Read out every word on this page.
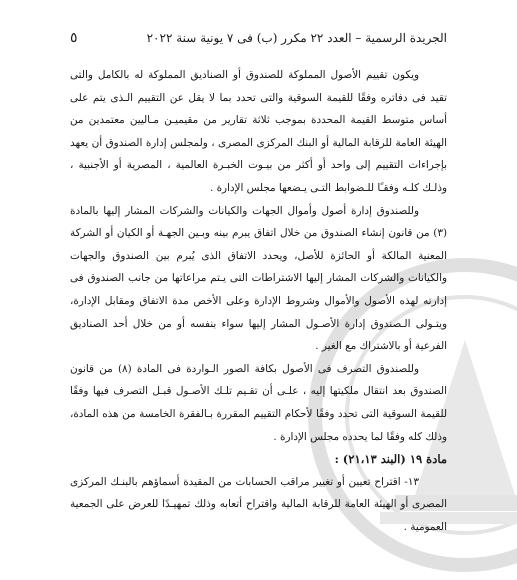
الجريدة الرسمية – العدد ٢٢ مكرر (ب) فى ٧ يونية سنة ٢٠٢٢
٥

ويكون تقييم الأصول المملوكة للصندوق أو الصناديق المملوكة له بالكامل والتى تقيد فى دفاتره وفقًا للقيمة السوقية والتى تحدد بما لا يقل عن التقييم الـذى يتم على أساس متوسط القيمة المحددة بموجب ثلاثة تقارير من مقيميـن مـاليين معتمدين من الهيئة العامة للرقابة المالية أو البنك المركزى المصرى ، ولمجلس إدارة الصندوق أن يعهد بإجراءات التقييم إلى واحد أو أكثر من بيـوت الخبـرة العالمية ، المصرية أو الأجنبية ، وذلـك كلـه وفقـًا للـضوابط التـى يـضعها مجلس الإدارة .

وللصندوق إدارة أصول وأموال الجهات والكيانات والشركات المشار إليها بالمادة (٣) من قانون إنشاء الصندوق من خلال اتفاق يبرم بينه وبـين الجهـة أو الكيان أو الشركة المعنية المالكة أو الحائزة للأصل، ويحدد الاتفاق الذى يُبرم بين الصندوق والجهات والكيانات والشركات المشار إليها الاشتراطات التى يـتم مراعاتها من جانب الصندوق فى إدارته لهذه الأصول والأموال وشروط الإدارة وعلى الأخص مدة الاتفاق ومقابل الإدارة، ويتـولى الـصندوق إدارة الأصـول المشار إليها سواء بنفسه أو من خلال أحد الصناديق الفرعية أو بالاشتراك مع الغير .

وللصندوق التصرف فى الأصول بكافة الصور الـواردة فى المادة (٨) من قانون الصندوق بعد انتقال ملكيتها إليه ، علـى أن تقـيم تلـك الأصـول قبـل التصرف فيها وفقًا للقيمة السوقية التى تحدد وفقًا لأحكام التقييم المقررة بـالفقرة الخامسة من هذه المادة، وذلك كله وفقًا لما يحدده مجلس الإدارة .

مادة ١٩ (البند ٢١،١٣) :

١٣- اقتراح تعيين أو تغيير مراقب الحسابات من المقيدة أسماؤهم بالبنـك المركزى المصرى أو الهيئة العامة للرقابة المالية واقتراح أتعابه وذلك تمهيـدًا للعرض على الجمعية العمومية .
